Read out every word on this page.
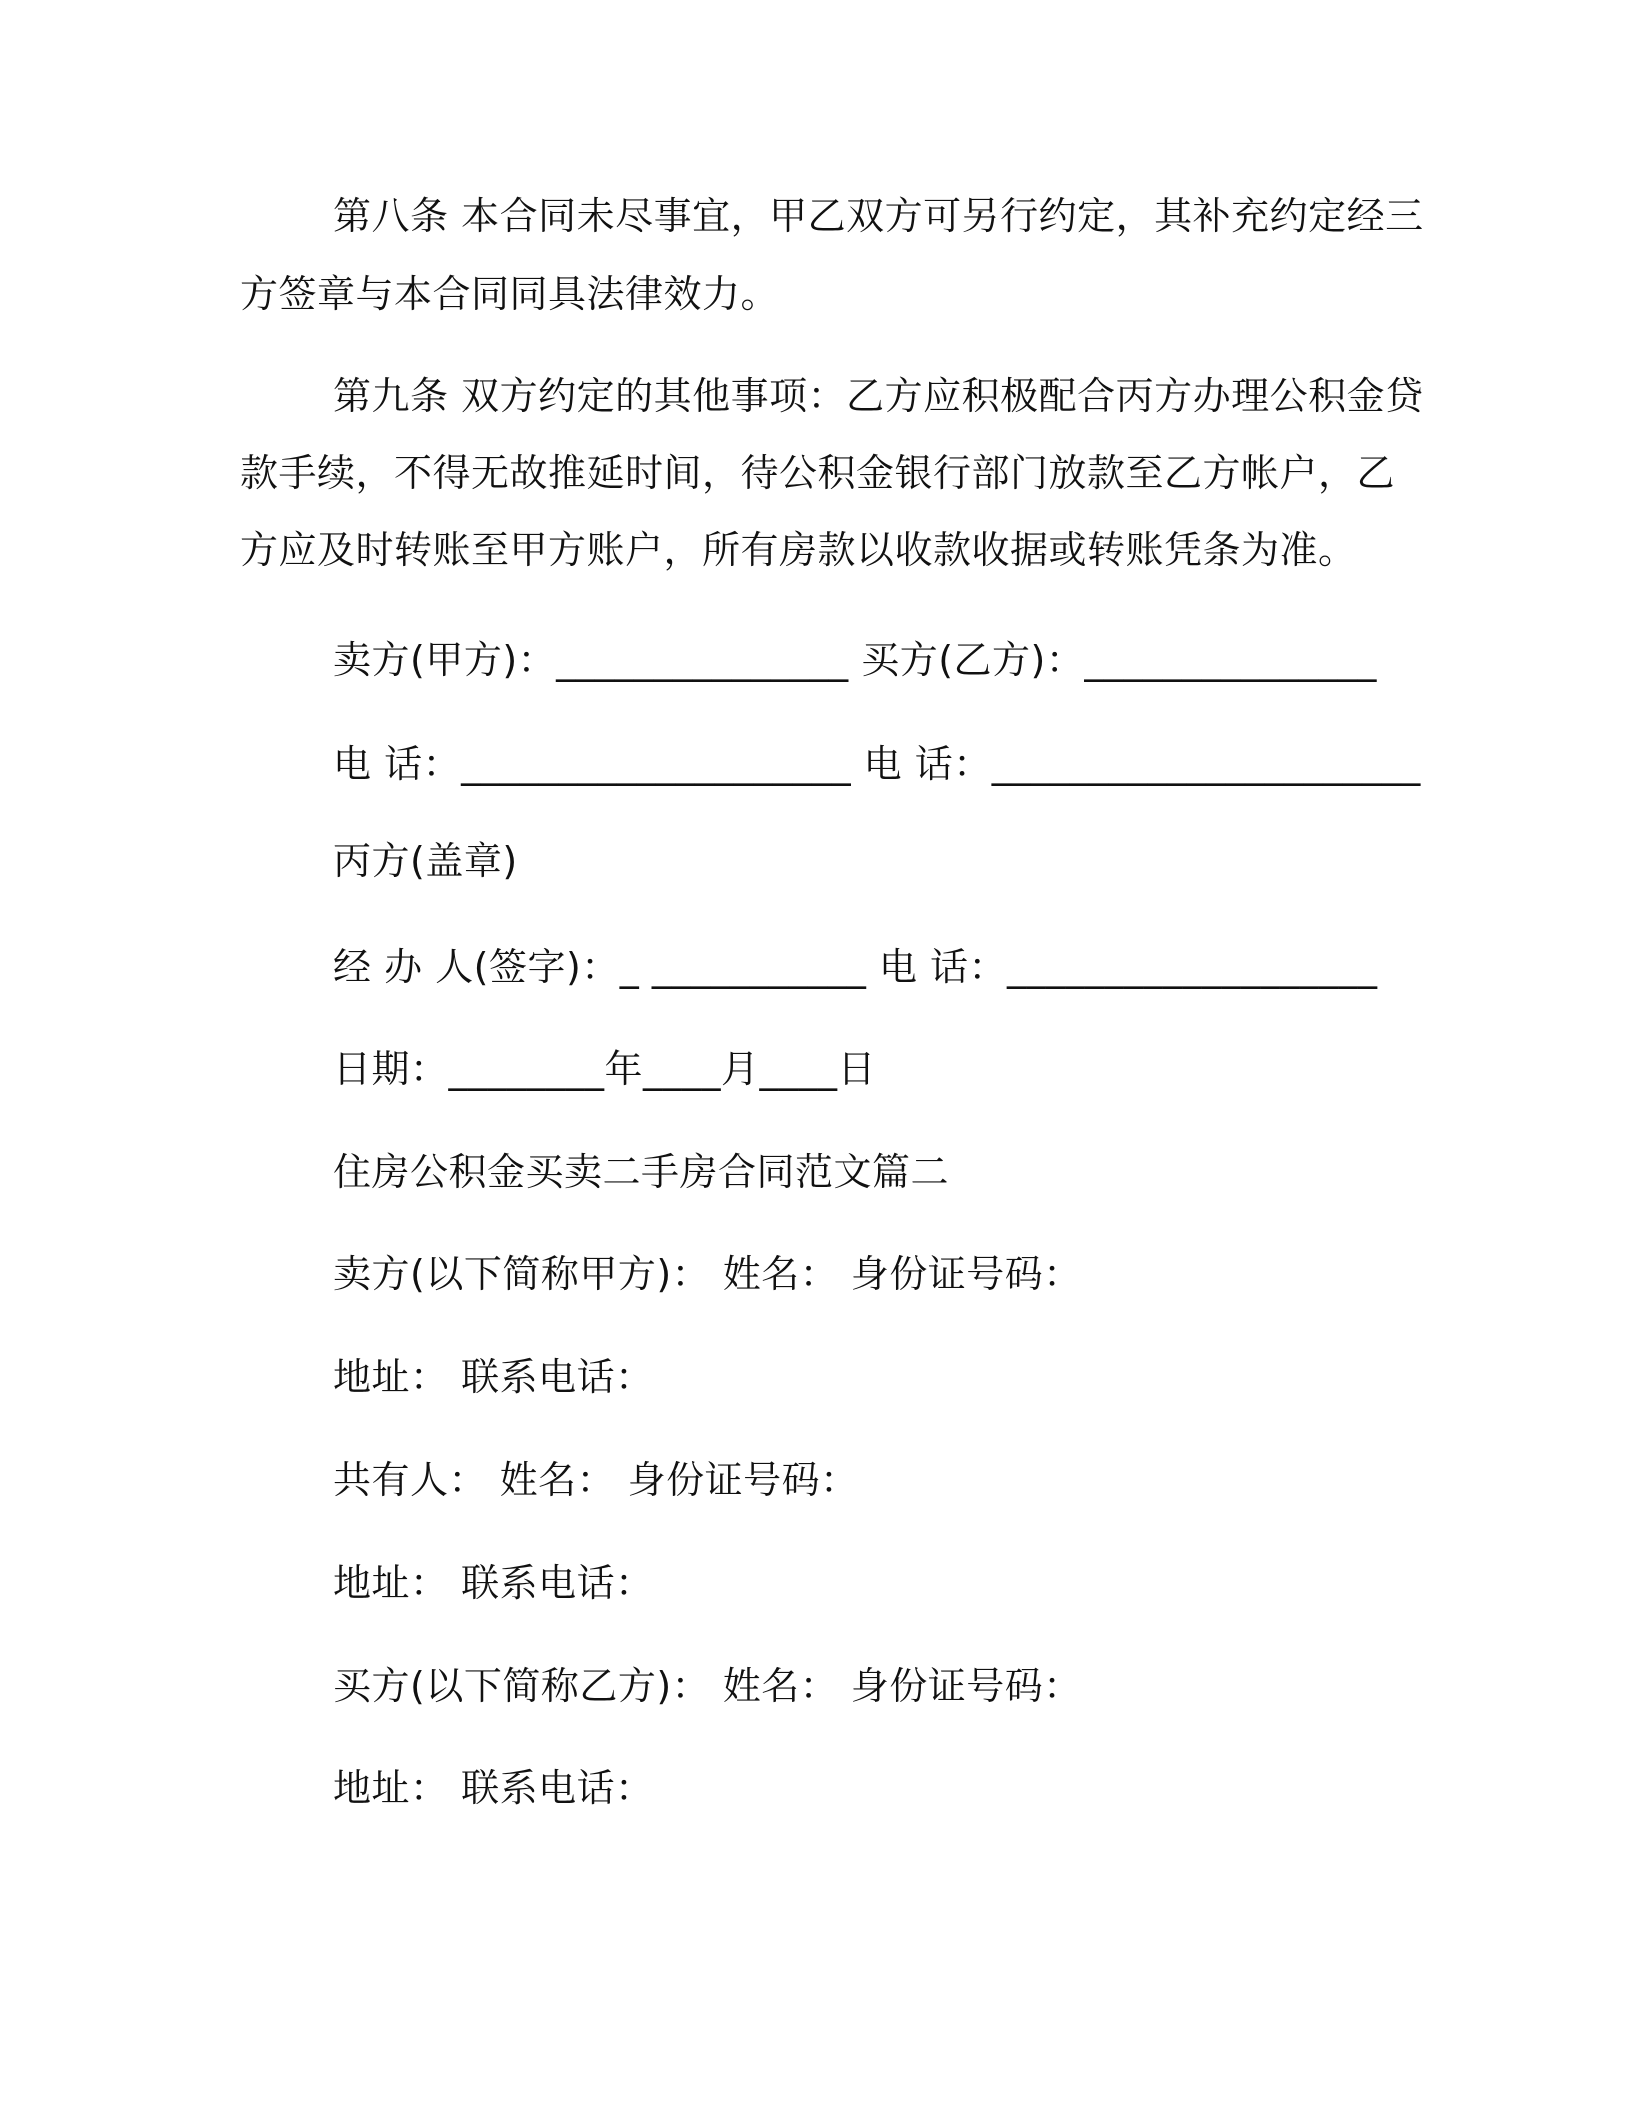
第八条 本合同未尽事宜，甲乙双方可另行约定，其补充约定经三
方签章与本合同同具法律效力。
第九条 双方约定的其他事项：乙方应积极配合丙方办理公积金贷
款手续，不得无故推延时间，待公积金银行部门放款至乙方帐户，乙
方应及时转账至甲方账户，所有房款以收款收据或转账凭条为准。
卖方(甲方)：_______________ 买方(乙方)：_______________
电 话：____________________ 电 话：______________________
丙方(盖章)
经 办 人(签字)：_ ___________ 电 话：___________________
日期：________年____月____日
住房公积金买卖二手房合同范文篇二
卖方(以下简称甲方)： 姓名： 身份证号码：
地址： 联系电话：
共有人： 姓名： 身份证号码：
地址： 联系电话：
买方(以下简称乙方)： 姓名： 身份证号码：
地址： 联系电话：
